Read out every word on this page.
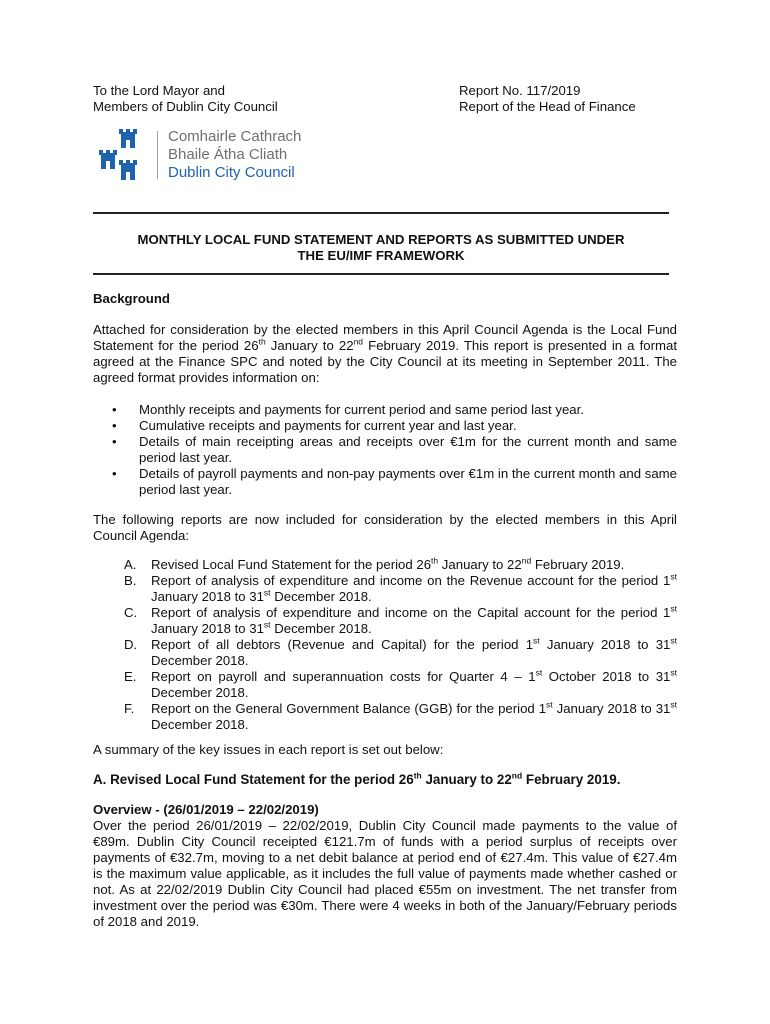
To the Lord Mayor and
Members of Dublin City Council
Report No. 117/2019
Report of the Head of Finance
Comhairle Cathrach
Bhaile Átha Cliath
Dublin City Council
MONTHLY LOCAL FUND STATEMENT AND REPORTS AS SUBMITTED UNDER
THE EU/IMF FRAMEWORK
Background
Attached for consideration by the elected members in this April Council Agenda is the Local Fund Statement for the period 26th January to 22nd February 2019. This report is presented in a format agreed at the Finance SPC and noted by the City Council at its meeting in September 2011. The agreed format provides information on:
• Monthly receipts and payments for current period and same period last year.
• Cumulative receipts and payments for current year and last year.
• Details of main receipting areas and receipts over €1m for the current month and same period last year.
• Details of payroll payments and non-pay payments over €1m in the current month and same period last year.
The following reports are now included for consideration by the elected members in this April Council Agenda:
A. Revised Local Fund Statement for the period 26th January to 22nd February 2019.
B. Report of analysis of expenditure and income on the Revenue account for the period 1st January 2018 to 31st December 2018.
C. Report of analysis of expenditure and income on the Capital account for the period 1st January 2018 to 31st December 2018.
D. Report of all debtors (Revenue and Capital) for the period 1st January 2018 to 31st December 2018.
E. Report on payroll and superannuation costs for Quarter 4 – 1st October 2018 to 31st December 2018.
F. Report on the General Government Balance (GGB) for the period 1st January 2018 to 31st December 2018.
A summary of the key issues in each report is set out below:
A. Revised Local Fund Statement for the period 26th January to 22nd February 2019.
Overview - (26/01/2019 – 22/02/2019)
Over the period 26/01/2019 – 22/02/2019, Dublin City Council made payments to the value of €89m. Dublin City Council receipted €121.7m of funds with a period surplus of receipts over payments of €32.7m, moving to a net debit balance at period end of €27.4m. This value of €27.4m is the maximum value applicable, as it includes the full value of payments made whether cashed or not. As at 22/02/2019 Dublin City Council had placed €55m on investment. The net transfer from investment over the period was €30m. There were 4 weeks in both of the January/February periods of 2018 and 2019.
